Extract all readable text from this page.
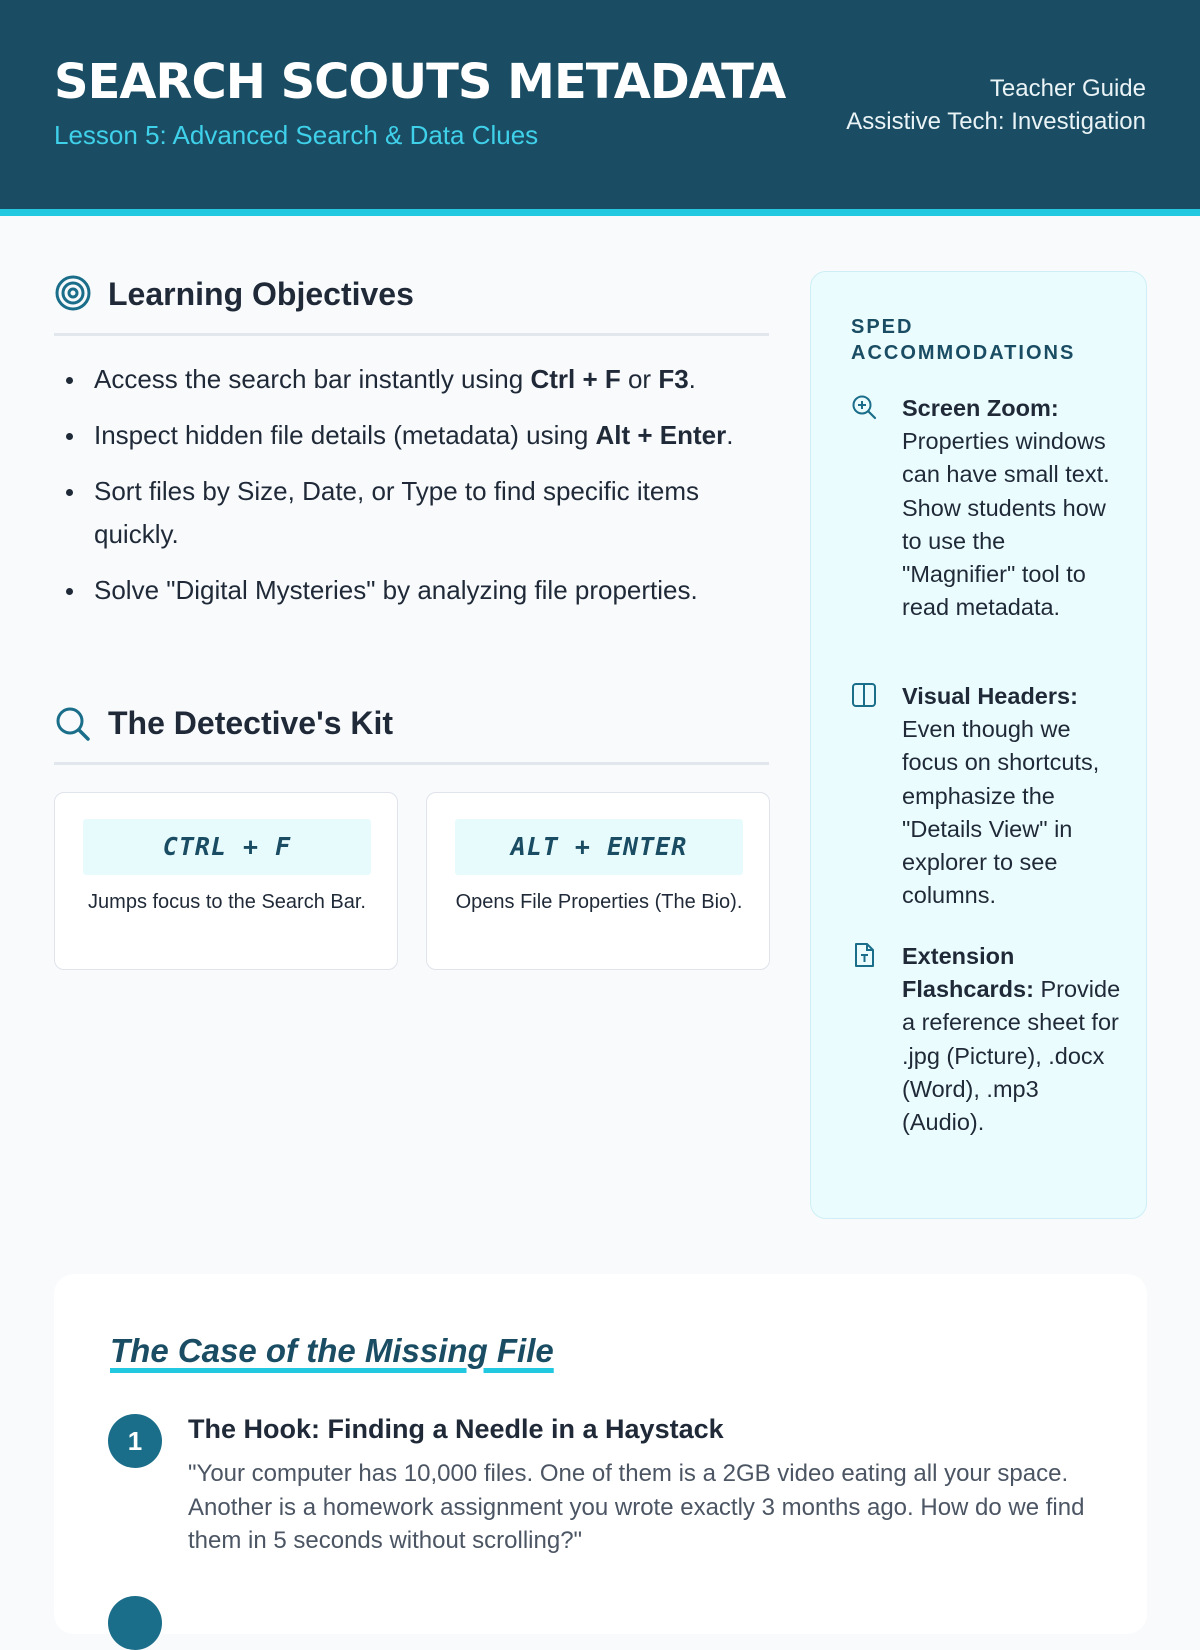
SEARCH SCOUTS METADATA
Lesson 5: Advanced Search & Data Clues
Teacher Guide
Assistive Tech: Investigation
Learning Objectives
Access the search bar instantly using Ctrl + F or F3.
Inspect hidden file details (metadata) using Alt + Enter.
Sort files by Size, Date, or Type to find specific items quickly.
Solve "Digital Mysteries" by analyzing file properties.
The Detective's Kit
CTRL + F
Jumps focus to the Search Bar.
ALT + ENTER
Opens File Properties (The Bio).
SPED ACCOMMODATIONS
Screen Zoom: Properties windows can have small text. Show students how to use the "Magnifier" tool to read metadata.
Visual Headers: Even though we focus on shortcuts, emphasize the "Details View" in explorer to see columns.
Extension Flashcards: Provide a reference sheet for .jpg (Picture), .docx (Word), .mp3 (Audio).
The Case of the Missing File
1	The Hook: Finding a Needle in a Haystack
"Your computer has 10,000 files. One of them is a 2GB video eating all your space. Another is a homework assignment you wrote exactly 3 months ago. How do we find them in 5 seconds without scrolling?"
